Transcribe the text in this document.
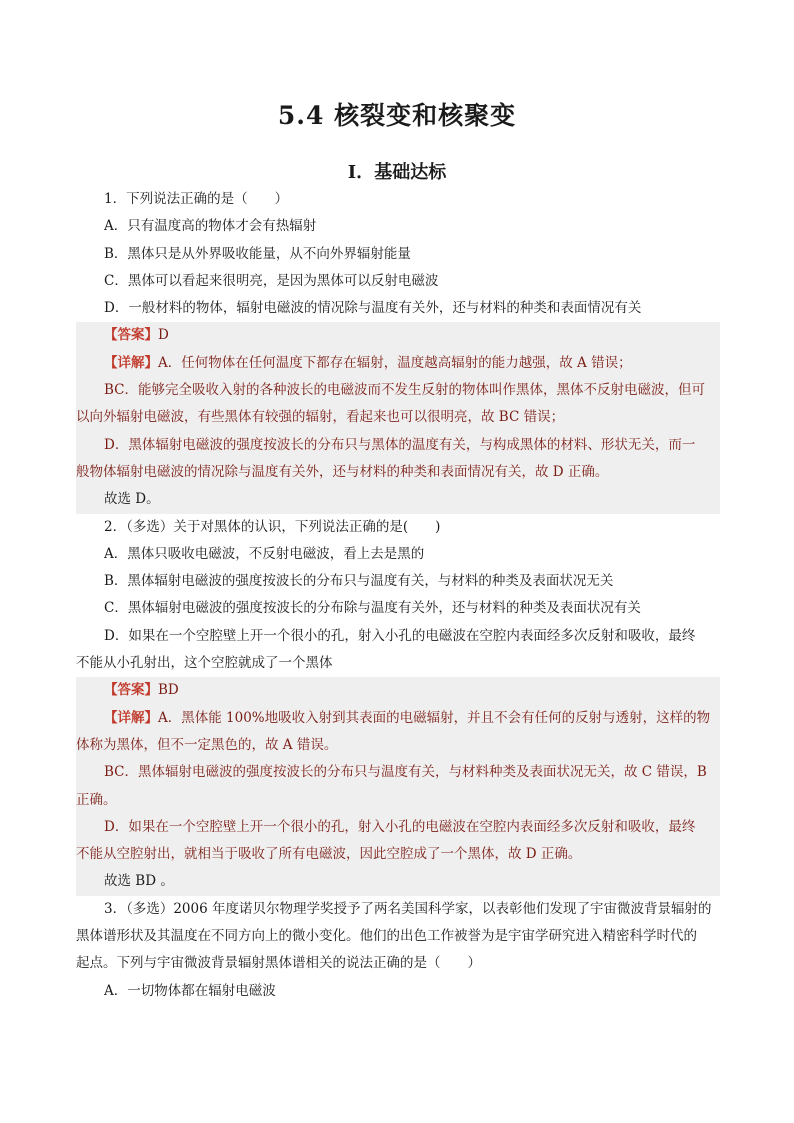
5.4 核裂变和核聚变
Ⅰ．基础达标
1．下列说法正确的是（　　）
A．只有温度高的物体才会有热辐射
B．黑体只是从外界吸收能量，从不向外界辐射能量
C．黑体可以看起来很明亮，是因为黑体可以反射电磁波
D．一般材料的物体，辐射电磁波的情况除与温度有关外，还与材料的种类和表面情况有关
【答案】D
【详解】A．任何物体在任何温度下都存在辐射，温度越高辐射的能力越强，故 A 错误；
BC．能够完全吸收入射的各种波长的电磁波而不发生反射的物体叫作黑体，黑体不反射电磁波，但可
以向外辐射电磁波，有些黑体有较强的辐射，看起来也可以很明亮，故 BC 错误；
D．黑体辐射电磁波的强度按波长的分布只与黑体的温度有关，与构成黑体的材料、形状无关，而一
般物体辐射电磁波的情况除与温度有关外，还与材料的种类和表面情况有关，故 D 正确。
故选 D。
2．（多选）关于对黑体的认识，下列说法正确的是(　　)
A．黑体只吸收电磁波，不反射电磁波，看上去是黑的
B．黑体辐射电磁波的强度按波长的分布只与温度有关，与材料的种类及表面状况无关
C．黑体辐射电磁波的强度按波长的分布除与温度有关外，还与材料的种类及表面状况有关
D．如果在一个空腔壁上开一个很小的孔，射入小孔的电磁波在空腔内表面经多次反射和吸收，最终
不能从小孔射出，这个空腔就成了一个黑体
【答案】BD
【详解】A．黑体能 100%地吸收入射到其表面的电磁辐射，并且不会有任何的反射与透射，这样的物
体称为黑体，但不一定黑色的，故 A 错误。
BC．黑体辐射电磁波的强度按波长的分布只与温度有关，与材料种类及表面状况无关，故 C 错误，B
正确。
D．如果在一个空腔壁上开一个很小的孔，射入小孔的电磁波在空腔内表面经多次反射和吸收，最终
不能从空腔射出，就相当于吸收了所有电磁波，因此空腔成了一个黑体，故 D 正确。
故选 BD 。
3．（多选）2006 年度诺贝尔物理学奖授予了两名美国科学家，以表彰他们发现了宇宙微波背景辐射的
黑体谱形状及其温度在不同方向上的微小变化。他们的出色工作被誉为是宇宙学研究进入精密科学时代的
起点。下列与宇宙微波背景辐射黑体谱相关的说法正确的是（　　）
A．一切物体都在辐射电磁波
